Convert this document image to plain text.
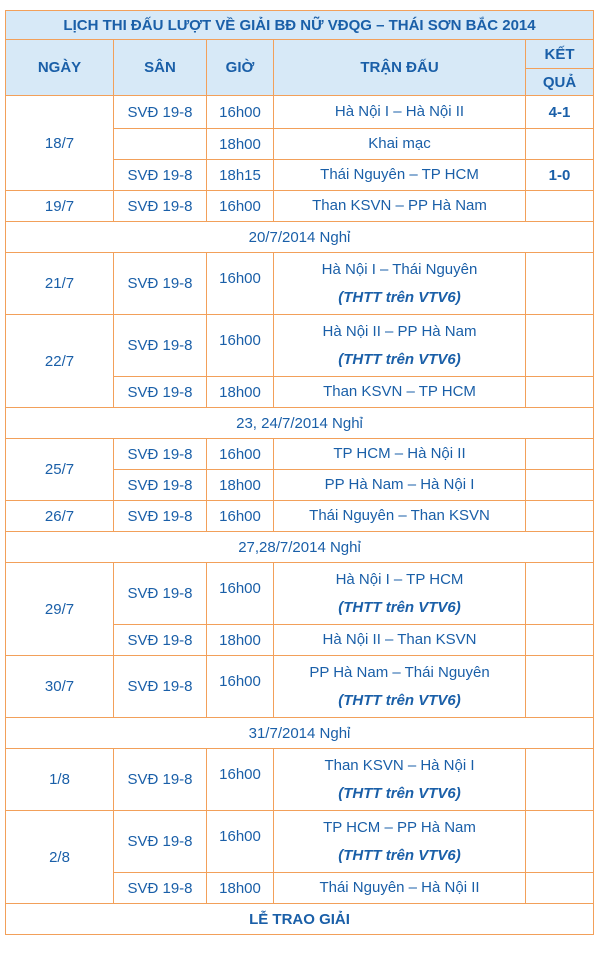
LỊCH THI ĐẤU LƯỢT VỀ GIẢI BĐ NỮ VĐQG – THÁI SƠN BẮC 2014				
NGÀY	SÂN	GIỜ	TRẬN ĐẤU	KẾT
				QUẢ
18/7	SVĐ 19-8	16h00	Hà Nội I – Hà Nội II	4-1
		18h00	Khai mạc	

	SVĐ 19-8	18h15	Thái Nguyên – TP HCM	1-0
19/7	SVĐ 19-8	16h00	Than KSVN – PP Hà Nam	

20/7/2014 Nghỉ				
21/7	SVĐ 19-8	16h00	Hà Nội I – Thái Nguyên
(THTT trên VTV6)	

22/7	SVĐ 19-8	16h00	Hà Nội II – PP Hà Nam
(THTT trên VTV6)	

	SVĐ 19-8	18h00	Than KSVN – TP HCM	

23, 24/7/2014 Nghỉ				
25/7	SVĐ 19-8	16h00	TP HCM – Hà Nội II	

	SVĐ 19-8	18h00	PP Hà Nam – Hà Nội I	

26/7	SVĐ 19-8	16h00	Thái Nguyên – Than KSVN	

27,28/7/2014 Nghỉ				
29/7	SVĐ 19-8	16h00	Hà Nội I – TP HCM
(THTT trên VTV6)	

	SVĐ 19-8	18h00	Hà Nội II – Than KSVN	

30/7	SVĐ 19-8	16h00	PP Hà Nam – Thái Nguyên
(THTT trên VTV6)	

31/7/2014 Nghỉ				
1/8	SVĐ 19-8	16h00	Than KSVN – Hà Nội I
(THTT trên VTV6)	

2/8	SVĐ 19-8	16h00	TP HCM – PP Hà Nam
(THTT trên VTV6)	

	SVĐ 19-8	18h00	Thái Nguyên – Hà Nội II	

LỄ TRAO GIẢI				
